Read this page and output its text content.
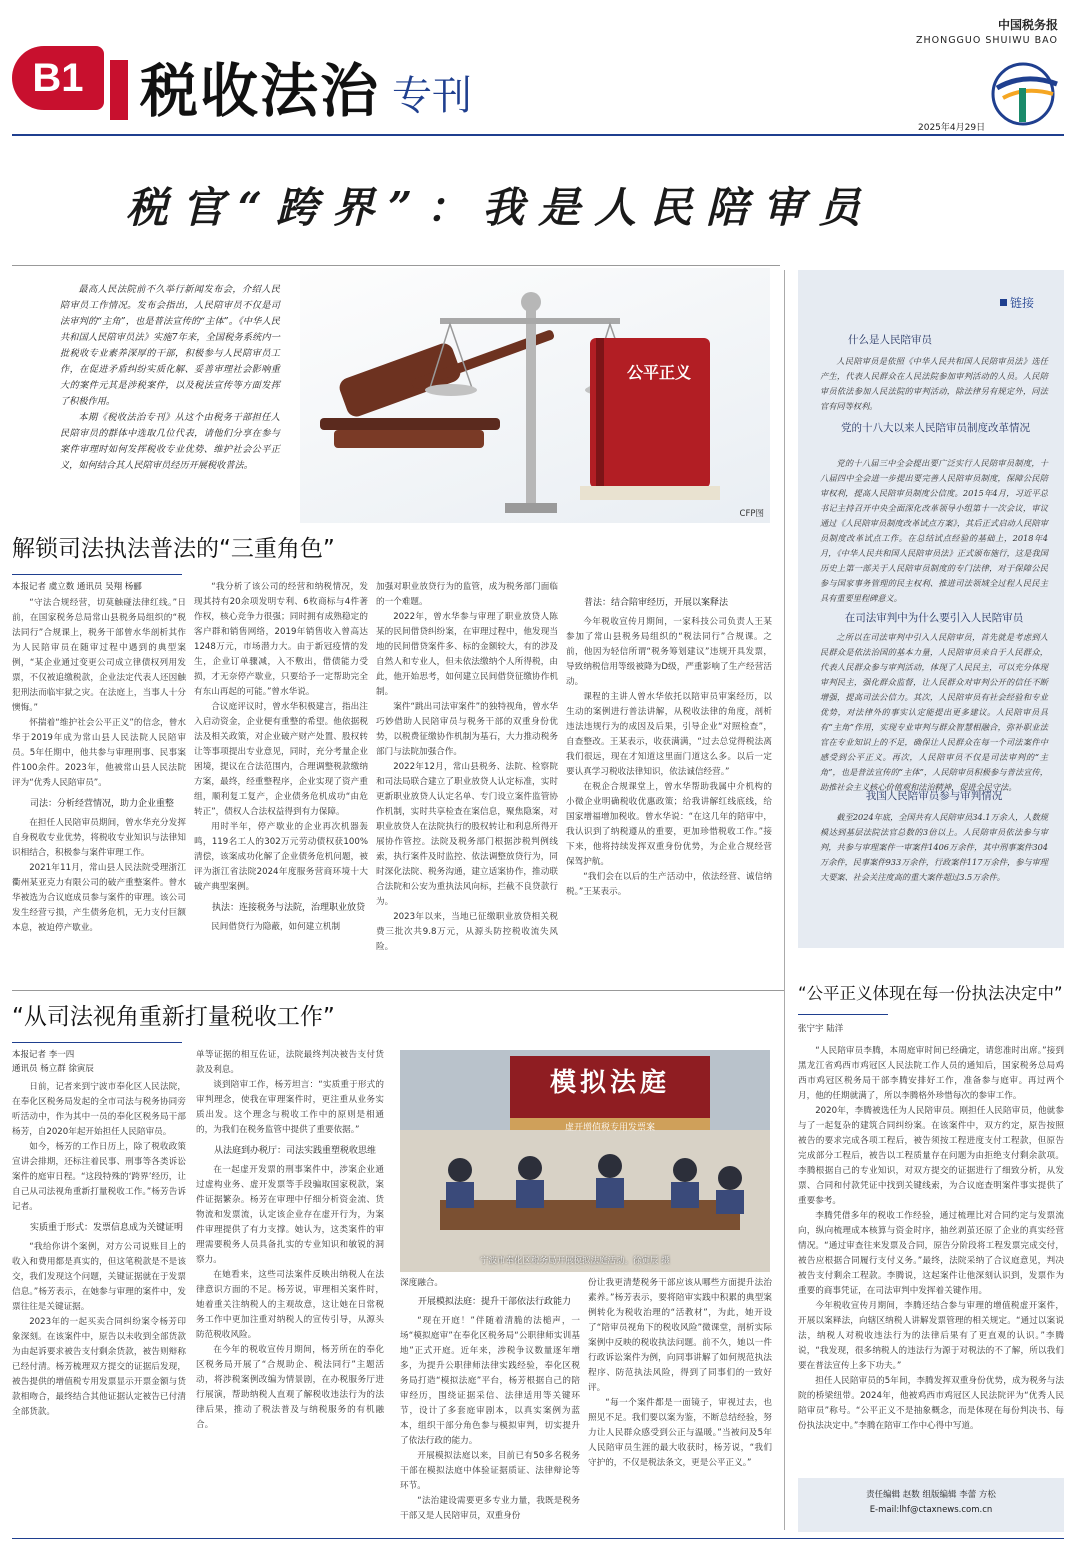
B1 税收法治 专刊
中国税务报
ZHONGGUO SHUIWU BAO
2025年4月29日
税官“跨界”：我是人民陪审员

最高人民法院前不久举行新闻发布会，介绍人民陪审员工作情况。发布会指出，人民陪审员不仅是司法审判的“主角”，也是普法宣传的“主体”。《中华人民共和国人民陪审员法》实施7年来，全国税务系统内一批税收专业素养深厚的干部，积极参与人民陪审员工作，在促进矛盾纠纷实质化解、妥善审理社会影响重大的案件元其是涉税案件，以及税法宣传等方面发挥了积极作用。

本期《税收法治专刊》从这个由税务干部担任人民陪审员的群体中选取几位代表，请他们分享在参与案件审理时如何发挥税收专业优势、维护社会公平正义，如何结合其人民陪审员经历开展税收普法。

公平正义
CFP图
解锁司法执法普法的“三重角色”
本报记者 虞立数 通讯员 吴翔 杨郦

“守法合规经营，切莫触碰法律红线。”日前，在国家税务总局常山县税务局组织的“税法同行”合规课上，税务干部曾水华剖析其作为人民陪审员在随审过程中遇到的典型案例，“某企业通过变更公司成立律债权列用发票，不仅被追缴税款，企业法定代表人还因触犯刑法而临牢狱之灾。在法庭上，当事人十分懊悔。”

怀揣着“维护社会公平正义”的信念，曾水华于2019年成为常山县人民法院人民陪审员。5年任期中，他共参与审理刑事、民事案件100余件。2023年，他被常山县人民法院评为“优秀人民陪审员”。

司法：分析经营情况，助力企业重整

在担任人民陪审员期间，曾水华充分发挥自身税收专业优势，将税收专业知识与法律知识相结合，积极参与案件审理工作。

2021年11月，常山县人民法院受理浙江衢州某亚克力有限公司的破产重整案件。曾水华被选为合议庭成员参与案件的审理。该公司发生经营亏损，产生债务危机，无力支付巨额本息，被迫停产歇业。

“我分析了该公司的经营和纳税情况，发现其持有20余项发明专利、6枚商标与4件著作权，核心竞争力很强；同时拥有成熟稳定的客户群和销售网络，2019年销售收入曾高达1248万元，市场潜力大。由于新冠疫情的发生，企业订单骤减，入不敷出，借债能力受损，才无奈停产歇业，只要给予一定帮助完全有东山再起的可能。”曾水华说。

合议庭评议时，曾水华积极建言，指出注入启动资金，企业便有重整的希望。他依据税法及相关政策，对企业破产财产处置、股权转让等事项提出专业意见，同时，充分考量企业困境，提议在合法范围内，合理调整税款缴纳方案，最终，经重整程序，企业实现了资产重组，顺利复工复产，企业债务危机成功“由危转正”，债权人合法权益得到有力保障。

用时半年，停产歇业的企业再次机器轰鸣，119名工人的302万元劳动债权获100%清偿，该案成功化解了企业债务危机问题，被评为浙江省法院2024年度服务营商环境十大破产典型案例。

执法：连接税务与法院，治理职业放贷

民间借贷行为隐蔽，如何建立机制

加强对职业放贷行为的监管，成为税务部门面临的一个难题。

2022年，曾水华参与审理了职业放贷人陈某的民间借贷纠纷案，在审理过程中，他发现当地的民间借贷案件多、标的金额较大，有的涉及自然人和专业人，但未依法缴纳个人所得税，由此，他开始思考，如何建立民间借贷征缴协作机制。

案件“跳出司法审案件”的独特视角，曾水华巧妙借助人民陪审员与税务干部的双重身份优势，以税费征缴协作机制为基石，大力推动税务部门与法院加强合作。

2022年12月，常山县税务、法院、检察院和司法局联合建立了职业放贷人认定标准，实时更新职业放贷人认定名单、专门设立案件监管协作机制，实时共享检查在案信息，聚焦隐案，对职业放贷人在法院执行的股权转让和利息所得开展协作管控。法院及税务部门根据涉税判例线索，执行案件及时监控、依法调整放贷行为，同时深化法院、税务沟通，建立适案协作，推动联合法院和公安为重执法风向标，拦截不良贷款行为。

2023年以来，当地已征缴职业放贷相关税费三批次共9.8万元，从源头防控税收流失风险。

普法：结合陪审经历，开展以案释法

今年税收宣传月期间，一家科技公司负责人王某参加了常山县税务局组织的“税法同行”合规课。之前，他因为轻信所谓“税务筹划建议”违规开具发票，导致纳税信用等级被降为D级，严重影响了生产经营活动。

课程的主讲人曾水华依托以陪审员审案经历，以生动的案例进行普法讲解，从税收法律的角度，剖析违法违规行为的成因及后果，引导企业“对照检查”，自查整改。王某表示，收获满满，“过去总觉得税法离我们很远，现在才知道这里面门道这么多。以后一定要认真学习税收法律知识，依法诚信经营。”

在税企合规课堂上，曾水华帮助我属中介机构的小微企业明确税收优惠政策；给我讲解红线底线，给国家增福增加税收。曾水华说：“在这几年的陪审中，我认识到了纳税遵从的重要，更加珍惜税收工作。”接下来，他将持续发挥双重身份优势，为企业合规经营保驾护航。

“我们会在以后的生产活动中，依法经营、诚信纳税。”王某表示。

链接
什么是人民陪审员
人民陪审员是依照《中华人民共和国人民陪审员法》选任产生，代表人民群众在人民法院参加审判活动的人员。人民陪审员依法参加人民法院的审判活动，除法律另有规定外，同法官有同等权利。
党的十八大以来人民陪审员制度改革情况
党的十八届三中全会提出要广泛实行人民陪审员制度，十八届四中全会进一步提出要完善人民陪审员制度，保障公民陪审权利，提高人民陪审员制度公信度。2015年4月，习近平总书记主持召开中央全面深化改革领导小组第十一次会议，审议通过《人民陪审员制度改革试点方案》，其后正式启动人民陪审员制度改革试点工作。在总结试点经验的基础上，2018年4月，《中华人民共和国人民陪审员法》正式颁布施行，这是我国历史上第一部关于人民陪审员制度的专门法律，对于保障公民参与国家事务管理的民主权利、推进司法领域全过程人民民主具有重要里程碑意义。
在司法审判中为什么要引入人民陪审员
之所以在司法审判中引入人民陪审员，首先就是考虑到人民群众是依法治国的基本力量，人民陪审员来自于人民群众，代表人民群众参与审判活动，体现了人民民主，可以充分体现审判民主，强化群众监督，让人民群众对审判公开的信任不断增强，提高司法公信力。其次，人民陪审员有社会经验和专业优势，对法律外的事实认定能提出更多建议。人民陪审员具有“主角”作用，实现专业审判与群众智慧相融合，弥补职业法官在专业知识上的不足，确保让人民群众在每一个司法案件中感受到公平正义。再次，人民陪审员不仅是司法审判的“主角”，也是普法宣传的“主体”，人民陪审员积极参与普法宣传，助推社会主义核心价值观和法治精神，促进全民守法。
我国人民陪审员参与审判情况
截至2024年底，全国共有人民陪审员34.1万余人，人数规模达到基层法院法官总数的3倍以上。人民陪审员依法参与审判，共参与审理案件一审案件1406万余件，其中刑事案件304万余件，民事案件933万余件，行政案件117万余件，参与审理大要案、社会关注度高的重大案件超过3.5万余件。
“从司法视角重新打量税收工作”
本报记者 李一四
通讯员 杨立群 徐寅辰

日前，记者来到宁波市奉化区人民法院，在奉化区税务局发起的全市司法与税务协同旁听活动中，作为其中一员的奉化区税务局干部杨芳，自2020年起开始担任人民陪审员。

如今，杨芳的工作日历上，除了税收政策宣讲会排期，还标注着民事、刑事等各类诉讼案件的庭审日程。“这段特殊的‘跨界’经历，让自己从司法视角重新打量税收工作。”杨芳告诉记者。

实质重于形式：发票信息成为关键证明

“我给你讲个案例，对方公司说账目上的收入和费用都是真实的，但这笔税款是不是该交，我们发现这个问题，关键证据就在于发票信息。”杨芳表示，在她参与审理的案件中，发票往往是关键证据。

2023年的一起买卖合同纠纷案令杨芳印象深刻。在该案件中，原告以未收到全部货款为由起诉要求被告支付剩余货款，被告则辩称已经付清。杨芳梳理双方提交的证据后发现，被告提供的增值税专用发票显示开票金额与货款相吻合，最终结合其他证据认定被告已付清全部货款。

单等证据的相互佐证，法院最终判决被告支付货款及利息。

谈到陪审工作，杨芳坦言：“实质重于形式的审判理念，使我在审理案件时，更注重从业务实质出发。这个理念与税收工作中的原则是相通的，为我们在税务监管中提供了重要依据。”

从法庭到办税厅：司法实践重塑税收思维

在一起虚开发票的刑事案件中，涉案企业通过虚构业务、虚开发票等手段骗取国家税款，案件证据繁杂。杨芳在审理中仔细分析资金流、货物流和发票流，认定该企业存在虚开行为，为案件审理提供了有力支撑。她认为，这类案件的审理需要税务人员具备扎实的专业知识和敏锐的洞察力。

在她看来，这些司法案件反映出纳税人在法律意识方面的不足。杨芳说，审理相关案件时，她着重关注纳税人的主观故意，这让她在日常税务工作中更加注重对纳税人的宣传引导，从源头防范税收风险。

在今年的税收宣传月期间，杨芳所在的奉化区税务局开展了“合规助企、税法同行”主题活动，将涉税案例改编为情景剧，在办税服务厅进行展演，帮助纳税人直观了解税收违法行为的法律后果，推动了税法普及与纳税服务的有机融合。

模拟法庭
虚开增值税专用发票案
宁波市奉化区税务局开展模拟法庭活动。徐寅辰 摄

深度融合。

开展模拟法庭：提升干部依法行政能力

“现在开庭！”伴随着清脆的法槌声，一场“模拟庭审”在奉化区税务局“公职律师实训基地”正式开庭。近年来，涉税争议数量逐年增多，为提升公职律师法律实践经验，奉化区税务局打造“模拟法庭”平台，杨芳根据自己的陪审经历，围绕证据采信、法律适用等关键环节，设计了多套庭审剧本，以真实案例为蓝本，组织干部分角色参与模拟审判，切实提升了依法行政的能力。

开展模拟法庭以来，目前已有50多名税务干部在模拟法庭中体验证据质证、法律辩论等环节。

“法治建设需要更多专业力量，我既是税务干部又是人民陪审员，双重身份

份让我更清楚税务干部应该从哪些方面提升法治素养。”杨芳表示，要将陪审实践中积累的典型案例转化为税收治理的“活教材”，为此，她开设了“陪审员视角下的税收风险”微课堂，剖析实际案例中反映的税收执法问题。前不久，她以一件行政诉讼案件为例，向同事讲解了如何规范执法程序、防范执法风险，得到了同事们的一致好评。

“每一个案件都是一面镜子，审视过去，也照见不足。我们要以案为鉴，不断总结经验，努力让人民群众感受到公正与温暖。”当被问及5年人民陪审员生涯的最大收获时，杨芳说，“我们守护的，不仅是税法条文，更是公平正义。”

“公平正义体现在每一份执法决定中”
张宁宇 陆洋

“人民陪审员李腾，本周庭审时间已经确定，请您准时出席。”接到黑龙江省鸡西市鸡冠区人民法院工作人员的通知后，国家税务总局鸡西市鸡冠区税务局干部李腾安排好工作，准备参与庭审。再过两个月，他的任期就满了，所以李腾格外珍惜每次的参审工作。

2020年，李腾被选任为人民陪审员。刚担任人民陪审员，他就参与了一起复杂的建筑合同纠纷案。在该案件中，双方约定，原告按照被告的要求完成各项工程后，被告须按工程进度支付工程款，但原告完成部分工程后，被告以工程质量存在问题为由拒绝支付剩余款项。李腾根据自己的专业知识，对双方提交的证据进行了细致分析，从发票、合同和付款凭证中找到关键线索，为合议庭查明案件事实提供了重要参考。

李腾凭借多年的税收工作经验，通过梳理比对合同约定与发票流向，纵向梳理成本核算与资金时序，抽丝剥茧还原了企业的真实经营情况。“通过审查往来发票及合同，原告分阶段将工程发票完成交付，被告应根据合同履行支付义务。”最终，法院采纳了合议庭意见，判决被告支付剩余工程款。李腾说，这起案件让他深刻认识到，发票作为重要的商事凭证，在司法审判中发挥着关键作用。

今年税收宣传月期间，李腾还结合参与审理的增值税虚开案件，开展以案释法，向辖区纳税人讲解发票管理的相关规定。“通过以案说法，纳税人对税收违法行为的法律后果有了更直观的认识。”李腾说，“我发现，很多纳税人的违法行为源于对税法的不了解，所以我们要在普法宣传上多下功夫。”

担任人民陪审员的5年间，李腾发挥双重身份优势，成为税务与法院的桥梁纽带。2024年，他被鸡西市鸡冠区人民法院评为“优秀人民陪审员”称号。“公平正义不是抽象概念，而是体现在每份判决书、每份执法决定中。”李腾在陪审工作中心得中写道。

责任编辑 赵数 组版编辑 李蕾 方松
E-mail:lhf@ctaxnews.com.cn
